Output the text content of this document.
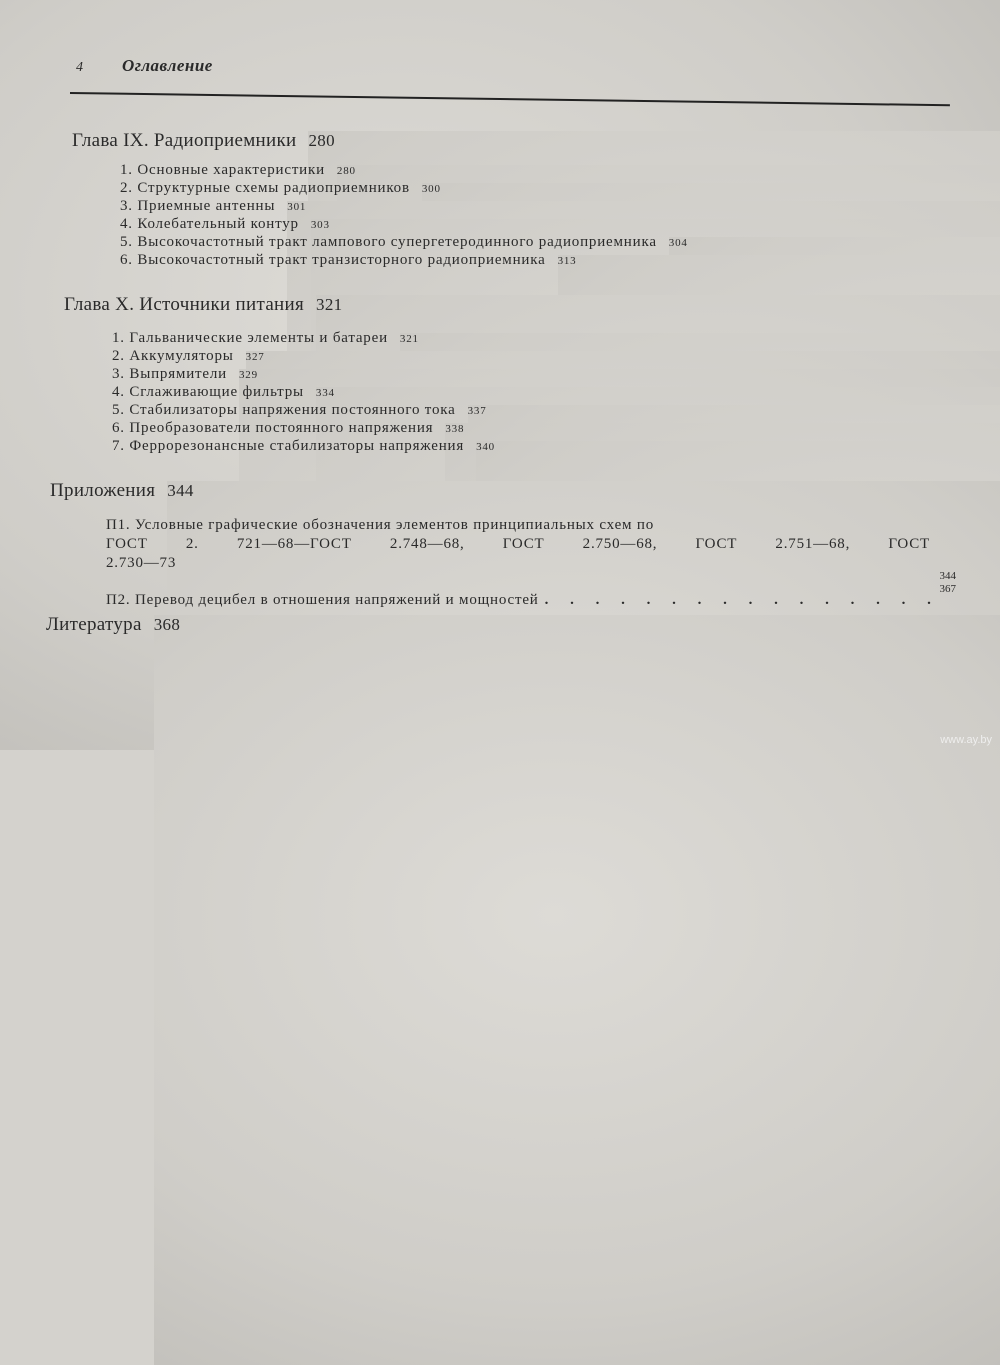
4 Оглавление
Глава IX. Радиоприемники 280
1. Основные характеристики 280
2. Структурные схемы радиоприемников 300
3. Приемные антенны 301
4. Колебательный контур 303
5. Высокочастотный тракт лампового супергетеродинного радиоприемника 304
6. Высокочастотный тракт транзисторного радиоприемника 313
Глава X. Источники питания 321
1. Гальванические элементы и батареи 321
2. Аккумуляторы 327
3. Выпрямители 329
4. Сглаживающие фильтры 334
5. Стабилизаторы напряжения постоянного тока 337
6. Преобразователи постоянного напряжения 338
7. Феррорезонансные стабилизаторы напряжения 340
Приложения 344
П1. Условные графические обозначения элементов принципиальных схем по
ГОСТ 2. 721—68—ГОСТ 2.748—68, ГОСТ 2.750—68, ГОСТ 2.751—68, ГОСТ
2.730—73
П2. Перевод децибел в отношения напряжений и мощностей
. . .
344
367
Литература 368
www.ay.by
